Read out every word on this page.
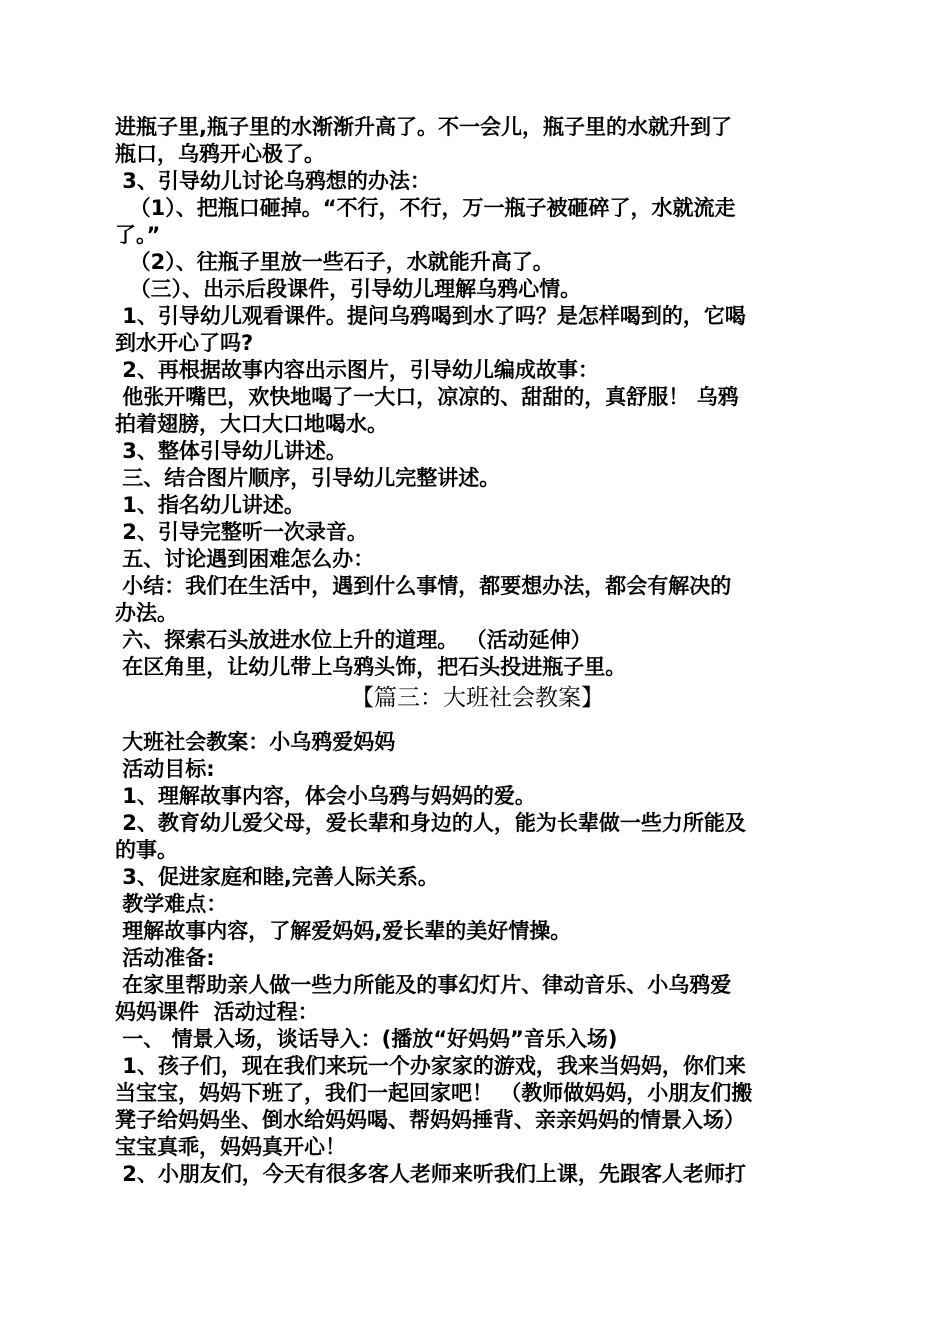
进瓶子里,瓶子里的水渐渐升高了。不一会儿，瓶子里的水就升到了
瓶口，乌鸦开心极了。
3、引导幼儿讨论乌鸦想的办法：
（1）、把瓶口砸掉。“不行，不行，万一瓶子被砸碎了，水就流走
了。”
（2）、往瓶子里放一些石子，水就能升高了。
（三）、出示后段课件，引导幼儿理解乌鸦心情。
1、引导幼儿观看课件。提问乌鸦喝到水了吗？是怎样喝到的，它喝
到水开心了吗?
2、再根据故事内容出示图片，引导幼儿编成故事：
他张开嘴巴，欢快地喝了一大口，凉凉的、甜甜的，真舒服！ 乌鸦
拍着翅膀，大口大口地喝水。
3、整体引导幼儿讲述。
三、结合图片顺序，引导幼儿完整讲述。
1、指名幼儿讲述。
2、引导完整听一次录音。
五、讨论遇到困难怎么办：
小结：我们在生活中，遇到什么事情，都要想办法，都会有解决的
办法。
六、探索石头放进水位上升的道理。 （活动延伸）
在区角里，让幼儿带上乌鸦头饰，把石头投进瓶子里。
【篇三：大班社会教案】
大班社会教案：小乌鸦爱妈妈
活动目标:
1、理解故事内容，体会小乌鸦与妈妈的爱。
2、教育幼儿爱父母，爱长辈和身边的人，能为长辈做一些力所能及
的事。
3、促进家庭和睦,完善人际关系。
教学难点：
理解故事内容，了解爱妈妈,爱长辈的美好情操。
活动准备:
在家里帮助亲人做一些力所能及的事幻灯片、律动音乐、小乌鸦爱
妈妈课件  活动过程：
一、 情景入场，谈话导入：(播放“好妈妈”音乐入场)
1、孩子们，现在我们来玩一个办家家的游戏，我来当妈妈，你们来
当宝宝，妈妈下班了，我们一起回家吧！ （教师做妈妈，小朋友们搬
凳子给妈妈坐、倒水给妈妈喝、帮妈妈捶背、亲亲妈妈的情景入场）
宝宝真乖，妈妈真开心！
2、小朋友们，今天有很多客人老师来听我们上课，先跟客人老师打
